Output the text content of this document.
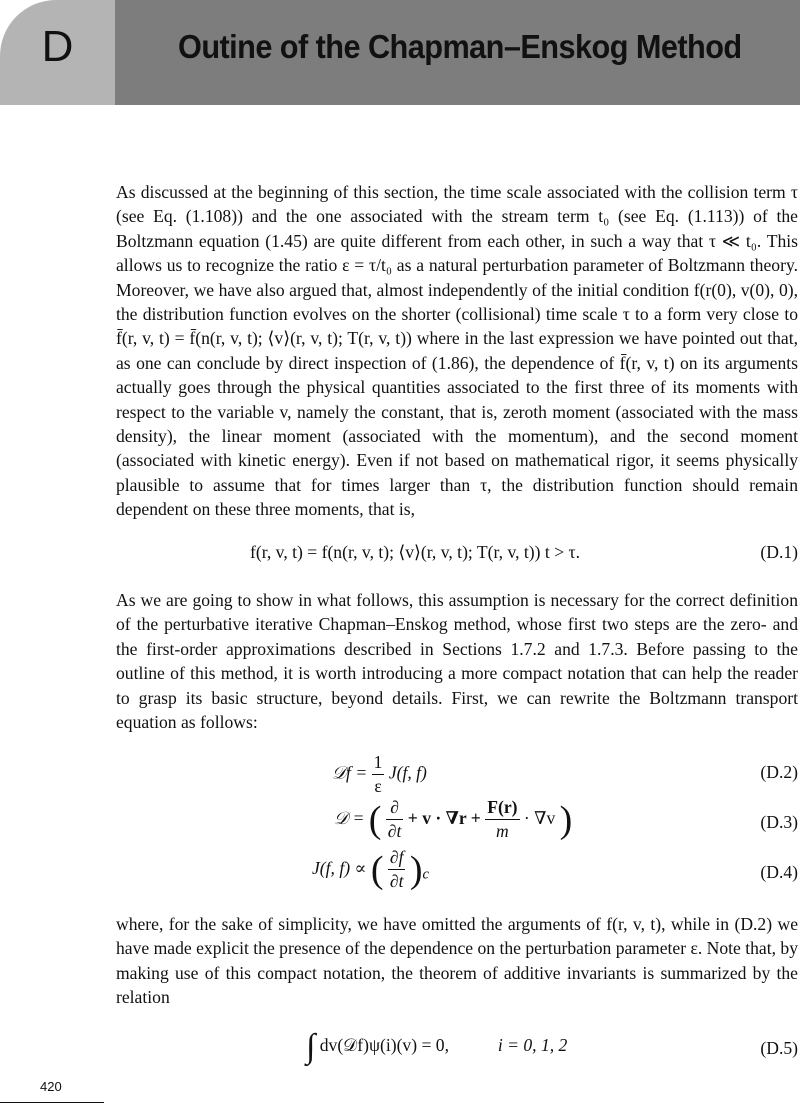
D	Outine of the Chapman–Enskog Method

As discussed at the beginning of this section, the time scale associated with the collision term τ (see Eq. (1.108)) and the one associated with the stream term t₀ (see Eq. (1.113)) of the Boltzmann equation (1.45) are quite different from each other, in such a way that τ ≪ t₀. This allows us to recognize the ratio ε = τ/t₀ as a natural perturbation parameter of Boltzmann theory. Moreover, we have also argued that, almost independently of the initial condition f(r(0), v(0), 0), the distribution function evolves on the shorter (collisional) time scale τ to a form very close to f̄(r, v, t) = f̄(n(r, v, t); ⟨v⟩(r, v, t); T(r, v, t)) where in the last expression we have pointed out that, as one can conclude by direct inspection of (1.86), the dependence of f̄(r, v, t) on its arguments actually goes through the physical quantities associated to the first three of its moments with respect to the variable v, namely the constant, that is, zeroth moment (associated with the mass density), the linear moment (associated with the momentum), and the second moment (associated with kinetic energy). Even if not based on mathematical rigor, it seems physically plausible to assume that for times larger than τ, the distribution function should remain dependent on these three moments, that is,

f(r, v, t) = f(n(r, v, t); ⟨v⟩(r, v, t); T(r, v, t)) t > τ.	(D.1)

As we are going to show in what follows, this assumption is necessary for the correct definition of the perturbative iterative Chapman–Enskog method, whose first two steps are the zero- and the first-order approximations described in Sections 1.7.2 and 1.7.3. Before passing to the outline of this method, it is worth introducing a more compact notation that can help the reader to grasp its basic structure, beyond details. First, we can rewrite the Boltzmann transport equation as follows:

𝒟f = $\frac{1}{\varepsilon} J(f$, f)	(D.2)
𝒟 = ( $\frac{\partial}{\partial t} + v \cdot \nabla r + \frac{F(r)}{m} \cdot \nabla v$ )	(D.3)
J(f, f) ∝ ( $\frac{\partial f}{\partial t} )_c$	(D.4)

where, for the sake of simplicity, we have omitted the arguments of f(r, v, t), while in (D.2) we have made explicit the presence of the dependence on the perturbation parameter ε. Note that, by making use of this compact notation, the theorem of additive invariants is summarized by the relation

∫ dv(𝒟f)ψ(i)(v) = 0,	i = 0, 1, 2	(D.5)
420
